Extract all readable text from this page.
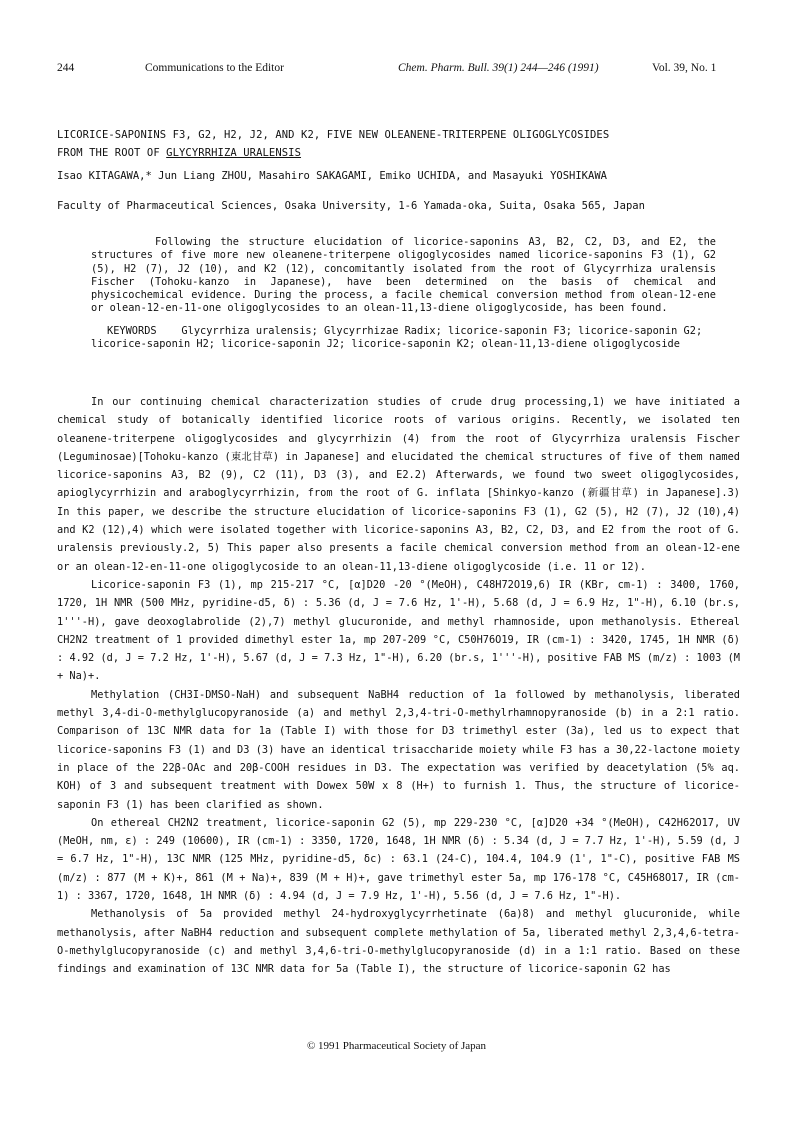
244	Communications to the Editor	Chem. Pharm. Bull. 39(1) 244—246 (1991)	Vol. 39, No. 1
LICORICE-SAPONINS F3, G2, H2, J2, AND K2, FIVE NEW OLEANENE-TRITERPENE OLIGOGLYCOSIDES
FROM THE ROOT OF GLYCYRRHIZA URALENSIS
Isao KITAGAWA,* Jun Liang ZHOU, Masahiro SAKAGAMI, Emiko UCHIDA, and Masayuki YOSHIKAWA
Faculty of Pharmaceutical Sciences, Osaka University, 1-6 Yamada-oka, Suita, Osaka 565, Japan
Following the structure elucidation of licorice-saponins A3, B2, C2, D3, and E2, the structures of five more new oleanene-triterpene oligoglycosides named licorice-saponins F3 (1), G2 (5), H2 (7), J2 (10), and K2 (12), concomitantly isolated from the root of Glycyrrhiza uralensis Fischer (Tohoku-kanzo in Japanese), have been determined on the basis of chemical and physicochemical evidence. During the process, a facile chemical conversion method from olean-12-ene or olean-12-en-11-one oligoglycosides to an olean-11,13-diene oligoglycoside, has been found.
KEYWORDS Glycyrrhiza uralensis; Glycyrrhizae Radix; licorice-saponin F3; licorice-saponin G2; licorice-saponin H2; licorice-saponin J2; licorice-saponin K2; olean-11,13-diene oligoglycoside

In our continuing chemical characterization studies of crude drug processing,1) we have initiated a chemical study of botanically identified licorice roots of various origins. Recently, we isolated ten oleanene-triterpene oligoglycosides and glycyrrhizin (4) from the root of Glycyrrhiza uralensis Fischer (Leguminosae)[Tohoku-kanzo (東北甘草) in Japanese] and elucidated the chemical structures of five of them named licorice-saponins A3, B2 (9), C2 (11), D3 (3), and E2.2) Afterwards, we found two sweet oligoglycosides, apioglycyrrhizin and araboglycyrrhizin, from the root of G. inflata [Shinkyo-kanzo (新疆甘草) in Japanese].3) In this paper, we describe the structure elucidation of licorice-saponins F3 (1), G2 (5), H2 (7), J2 (10),4) and K2 (12),4) which were isolated together with licorice-saponins A3, B2, C2, D3, and E2 from the root of G. uralensis previously.2, 5) This paper also presents a facile chemical conversion method from an olean-12-ene or an olean-12-en-11-one oligoglycoside to an olean-11,13-diene oligoglycoside (i.e. 11 or 12).

Licorice-saponin F3 (1), mp 215-217 °C, [α]D20 -20 °(MeOH), C48H72O19,6) IR (KBr, cm-1) : 3400, 1760, 1720, 1H NMR (500 MHz, pyridine-d5, δ) : 5.36 (d, J = 7.6 Hz, 1'-H), 5.68 (d, J = 6.9 Hz, 1"-H), 6.10 (br.s, 1'''-H), gave deoxoglabrolide (2),7) methyl glucuronide, and methyl rhamnoside, upon methanolysis. Ethereal CH2N2 treatment of 1 provided dimethyl ester 1a, mp 207-209 °C, C50H76O19, IR (cm-1) : 3420, 1745, 1H NMR (δ) : 4.92 (d, J = 7.2 Hz, 1'-H), 5.67 (d, J = 7.3 Hz, 1"-H), 6.20 (br.s, 1'''-H), positive FAB MS (m/z) : 1003 (M + Na)+.

Methylation (CH3I-DMSO-NaH) and subsequent NaBH4 reduction of 1a followed by methanolysis, liberated methyl 3,4-di-O-methylglucopyranoside (a) and methyl 2,3,4-tri-O-methylrhamnopyranoside (b) in a 2:1 ratio. Comparison of 13C NMR data for 1a (Table I) with those for D3 trimethyl ester (3a), led us to expect that licorice-saponins F3 (1) and D3 (3) have an identical trisaccharide moiety while F3 has a 30,22-lactone moiety in place of the 22β-OAc and 20β-COOH residues in D3. The expectation was verified by deacetylation (5% aq. KOH) of 3 and subsequent treatment with Dowex 50W x 8 (H+) to furnish 1. Thus, the structure of licorice-saponin F3 (1) has been clarified as shown.

On ethereal CH2N2 treatment, licorice-saponin G2 (5), mp 229-230 °C, [α]D20 +34 °(MeOH), C42H62O17, UV (MeOH, nm, ε) : 249 (10600), IR (cm-1) : 3350, 1720, 1648, 1H NMR (δ) : 5.34 (d, J = 7.7 Hz, 1'-H), 5.59 (d, J = 6.7 Hz, 1"-H), 13C NMR (125 MHz, pyridine-d5, δc) : 63.1 (24-C), 104.4, 104.9 (1', 1"-C), positive FAB MS (m/z) : 877 (M + K)+, 861 (M + Na)+, 839 (M + H)+, gave trimethyl ester 5a, mp 176-178 °C, C45H68O17, IR (cm-1) : 3367, 1720, 1648, 1H NMR (δ) : 4.94 (d, J = 7.9 Hz, 1'-H), 5.56 (d, J = 7.6 Hz, 1"-H).

Methanolysis of 5a provided methyl 24-hydroxyglycyrrhetinate (6a)8) and methyl glucuronide, while methanolysis, after NaBH4 reduction and subsequent complete methylation of 5a, liberated methyl 2,3,4,6-tetra-O-methylglucopyranoside (c) and methyl 3,4,6-tri-O-methylglucopyranoside (d) in a 1:1 ratio. Based on these findings and examination of 13C NMR data for 5a (Table I), the structure of licorice-saponin G2 has

© 1991 Pharmaceutical Society of Japan
